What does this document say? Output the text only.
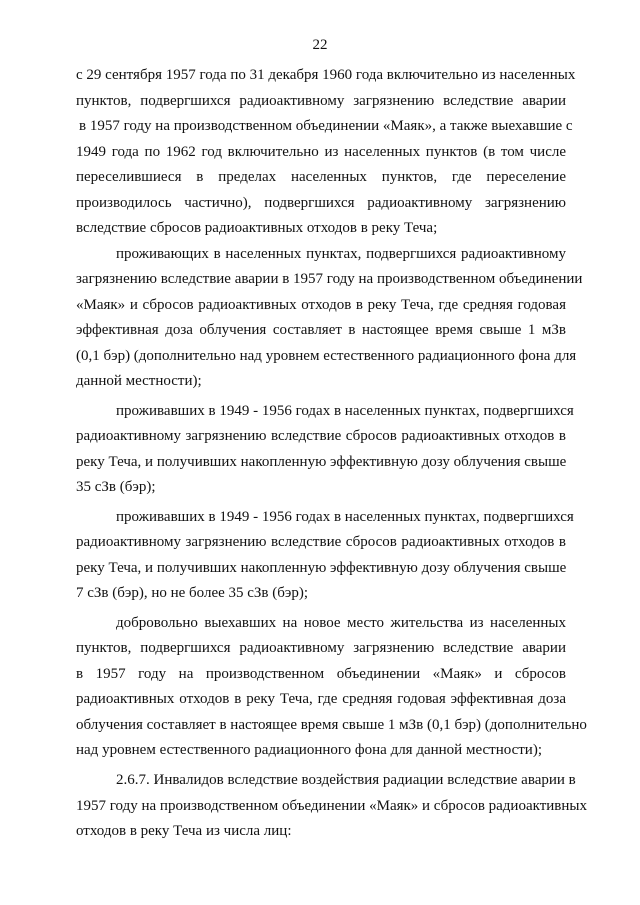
22
с 29 сентября 1957 года по 31 декабря 1960 года включительно из населенных
пунктов, подвергшихся радиоактивному загрязнению вследствие аварии
в 1957 году на производственном объединении «Маяк», а также выехавшие с
1949 года по 1962 год включительно из населенных пунктов (в том числе
переселившиеся в пределах населенных пунктов, где переселение
производилось частично), подвергшихся радиоактивному загрязнению
вследствие сбросов радиоактивных отходов в реку Теча;
проживающих в населенных пунктах, подвергшихся радиоактивному
загрязнению вследствие аварии в 1957 году на производственном объединении
«Маяк» и сбросов радиоактивных отходов в реку Теча, где средняя годовая
эффективная доза облучения составляет в настоящее время свыше 1 мЗв
(0,1 бэр) (дополнительно над уровнем естественного радиационного фона для
данной местности);
проживавших в 1949 - 1956 годах в населенных пунктах, подвергшихся
радиоактивному загрязнению вследствие сбросов радиоактивных отходов в
реку Теча, и получивших накопленную эффективную дозу облучения свыше
35 сЗв (бэр);
проживавших в 1949 - 1956 годах в населенных пунктах, подвергшихся
радиоактивному загрязнению вследствие сбросов радиоактивных отходов в
реку Теча, и получивших накопленную эффективную дозу облучения свыше
7 сЗв (бэр), но не более 35 сЗв (бэр);
добровольно выехавших на новое место жительства из населенных
пунктов, подвергшихся радиоактивному загрязнению вследствие аварии
в 1957 году на производственном объединении «Маяк» и сбросов
радиоактивных отходов в реку Теча, где средняя годовая эффективная доза
облучения составляет в настоящее время свыше 1 мЗв (0,1 бэр) (дополнительно
над уровнем естественного радиационного фона для данной местности);
2.6.7. Инвалидов вследствие воздействия радиации вследствие аварии в
1957 году на производственном объединении «Маяк» и сбросов радиоактивных
отходов в реку Теча из числа лиц:
